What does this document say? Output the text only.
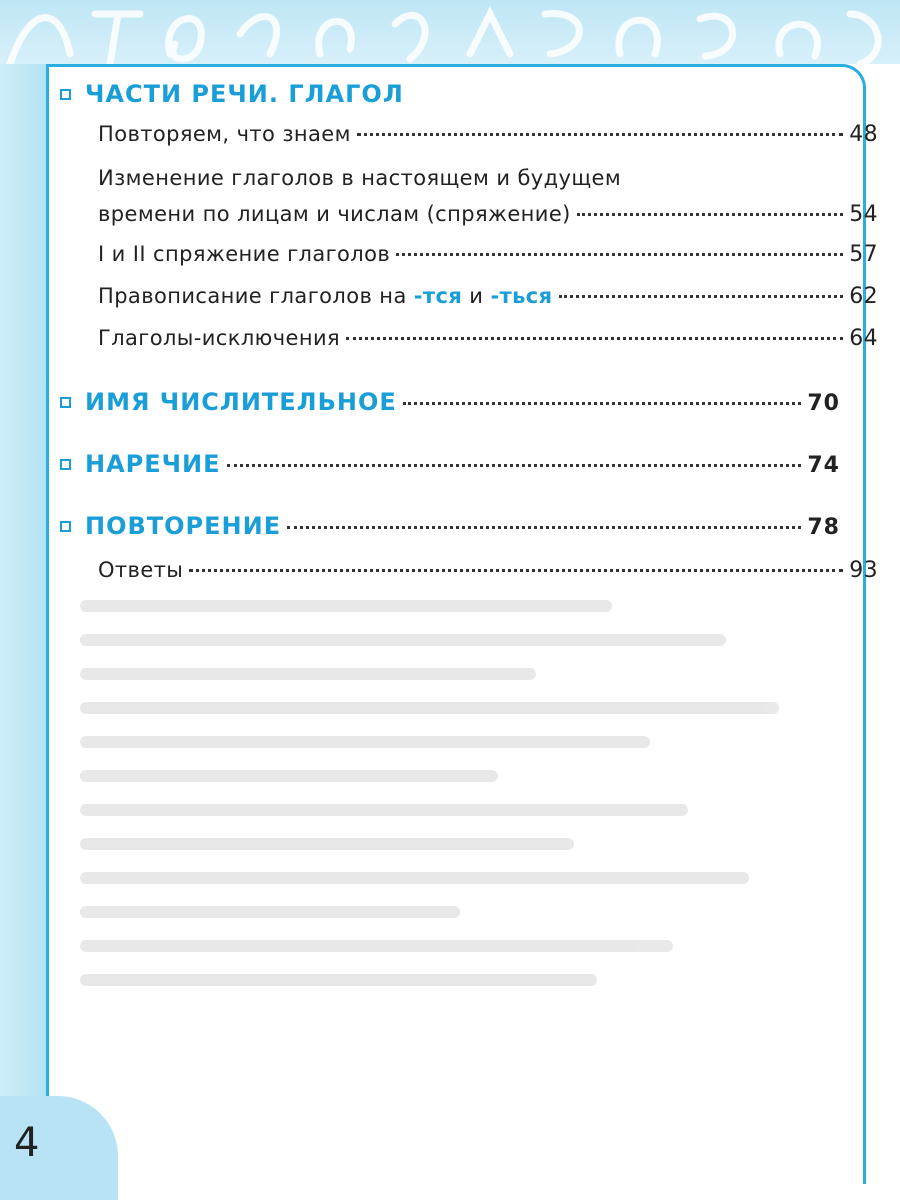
ЧАСТИ РЕЧИ. ГЛАГОЛ
Повторяем, что знаем	48
Изменение глаголов в настоящем и будущем
времени по лицам и числам (спряжение)	54
I и II спряжение глаголов	57
Правописание глаголов на -тся и -ться	62
Глаголы-исключения	64
ИМЯ ЧИСЛИТЕЛЬНОЕ	70
НАРЕЧИЕ	74
ПОВТОРЕНИЕ	78
Ответы	93
4
